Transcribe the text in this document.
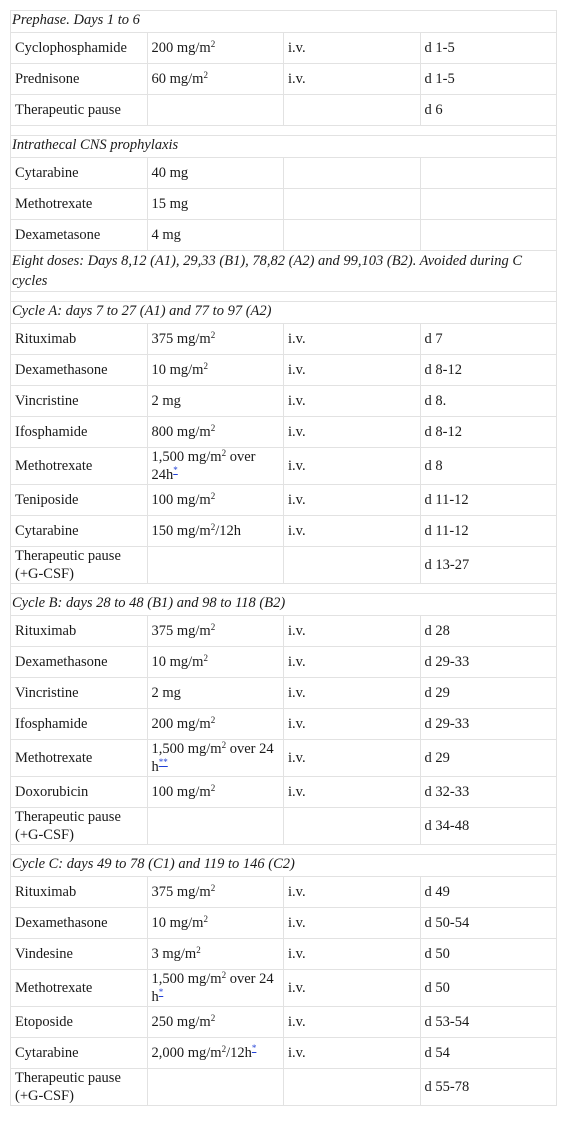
Prephase. Days 1 to 6			
Cyclophosphamide	200 $mg/m^2$	i.v.	d 1-5
Prednisone	60 $mg/m^2$	i.v.	d 1-5
Therapeutic pause			d 6

Intrathecal CNS prophylaxis			
Cytarabine	40 mg		
Methotrexate	15 mg		
Dexametasone	4 mg		
Eight doses: Days 8,12 (A1), 29,33 (B1), 78,82 (A2) and 99,103 (B2). Avoided during C cycles			

Cycle A: days 7 to 27 (A1) and 77 to 97 (A2)			
Rituximab	375 $mg/m^2$	i.v.	d 7
Dexamethasone	10 $mg/m^2$	i.v.	d 8-12
Vincristine	2 mg	i.v.	d 8.
Ifosphamide	800 $mg/m^2$	i.v.	d 8-12
Methotrexate	1,500 $mg/m^2$ over 24h*	i.v.	d 8
Teniposide	100 $mg/m^2$	i.v.	d 11-12
Cytarabine	150 $mg/m^2/12h$	i.v.	d 11-12
Therapeutic pause (+G-CSF)			d 13-27

Cycle B: days 28 to 48 (B1) and 98 to 118 (B2)			
Rituximab	375 $mg/m^2$	i.v.	d 28
Dexamethasone	10 $mg/m^2$	i.v.	d 29-33
Vincristine	2 mg	i.v.	d 29
Ifosphamide	200 $mg/m^2$	i.v.	d 29-33
Methotrexate	1,500 $mg/m^2$ over 24 h**	i.v.	d 29
Doxorubicin	100 $mg/m^2$	i.v.	d 32-33
Therapeutic pause (+G-CSF)			d 34-48

Cycle C: days 49 to 78 (C1) and 119 to 146 (C2)			
Rituximab	375 $mg/m^2$	i.v.	d 49
Dexamethasone	10 $mg/m^2$	i.v.	d 50-54
Vindesine	3 $mg/m^2$	i.v.	d 50
Methotrexate	1,500 $mg/m^2$ over 24 h*	i.v.	d 50
Etoposide	250 $mg/m^2$	i.v.	d 53-54
Cytarabine	2,000 $mg/m^2/12h^*$	i.v.	d 54
Therapeutic pause (+G-CSF)			d 55-78
